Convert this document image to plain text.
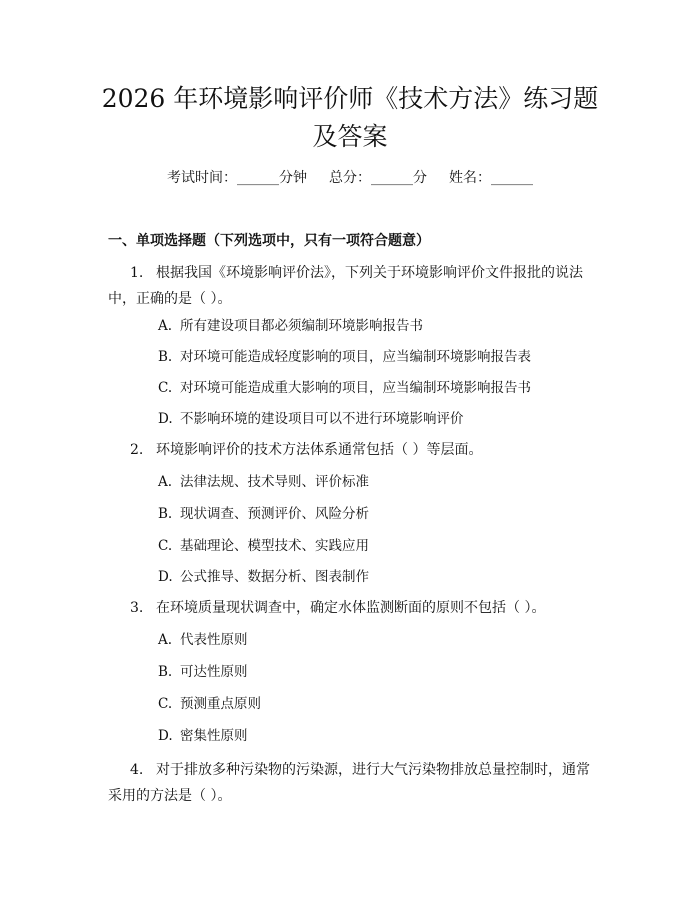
2026 年环境影响评价师《技术方法》练习题
及答案
考试时间：______分钟 总分：______分 姓名：______
一、单项选择题（下列选项中，只有一项符合题意）

1. 根据我国《环境影响评价法》，下列关于环境影响评价文件报批的说法中，正确的是（ ）。

A. 所有建设项目都必须编制环境影响报告书
B. 对环境可能造成轻度影响的项目，应当编制环境影响报告表
C. 对环境可能造成重大影响的项目，应当编制环境影响报告书
D. 不影响环境的建设项目可以不进行环境影响评价

2. 环境影响评价的技术方法体系通常包括（ ）等层面。

A. 法律法规、技术导则、评价标准
B. 现状调查、预测评价、风险分析
C. 基础理论、模型技术、实践应用
D. 公式推导、数据分析、图表制作

3. 在环境质量现状调查中，确定水体监测断面的原则不包括（ ）。

A. 代表性原则
B. 可达性原则
C. 预测重点原则
D. 密集性原则

4. 对于排放多种污染物的污染源，进行大气污染物排放总量控制时，通常采用的方法是（ ）。
